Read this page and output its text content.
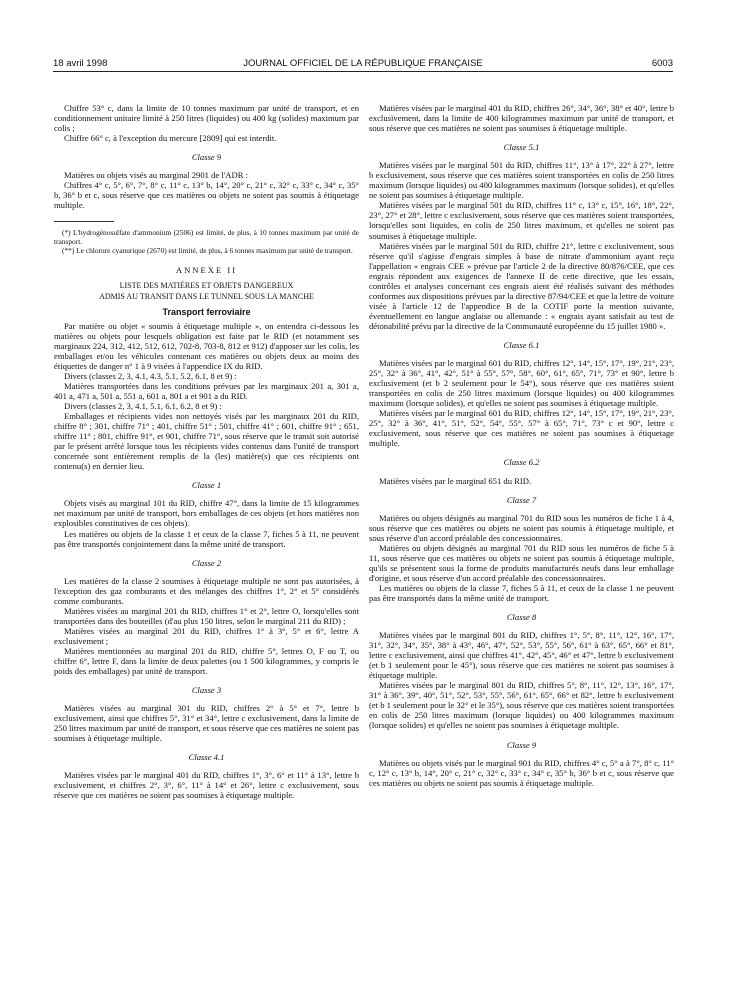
18 avril 1998	JOURNAL OFFICIEL DE LA RÉPUBLIQUE FRANÇAISE	6003

Chiffre 53° c, dans la limite de 10 tonnes maximum par unité de transport, et en conditionnement unitaire limité à 250 litres (liquides) ou 400 kg (solides) maximum par colis ;

Chiffre 66° c, à l'exception du mercure [2809] qui est interdit.

Classe 9

Matières ou objets visés au marginal 2901 de l'ADR :

Chiffres 4° c, 5°, 6°, 7°, 8° c, 11° c, 13° b, 14°, 20° c, 21° c, 32° c, 33° c, 34° c, 35° b, 36° b et c, sous réserve que ces matières ou objets ne soient pas soumis à étiquetage multiple.

(*) L'hydrogénosulfate d'ammonium (2506) est limité, de plus, à 10 tonnes maximum par unité de transport.

(**) Le chlorure cyanurique (2670) est limité, de plus, à 6 tonnes maximum par unité de transport.

ANNEXE II

LISTE DES MATIÈRES ET OBJETS DANGEREUX

ADMIS AU TRANSIT DANS LE TUNNEL SOUS LA MANCHE

Transport ferroviaire

Par matière ou objet « soumis à étiquetage multiple », on entendra ci-dessous les matières ou objets pour lesquels obligation est faite par le RID (et notamment ses marginaux 224, 312, 412, 512, 612, 702-8, 703-8, 812 et 912) d'apposer sur les colis, les emballages et/ou les véhicules contenant ces matières ou objets deux au moins des étiquettes de danger n° 1 à 9 visées à l'appendice IX du RID.

Divers (classes 2, 3, 4.1, 4.3, 5.1, 5.2, 6.1, 8 et 9) :

Matières transportées dans les conditions prévues par les marginaux 201 a, 301 a, 401 a, 471 a, 501 a, 551 a, 601 a, 801 a et 901 a du RID.

Divers (classes 2, 3, 4.1, 5.1, 6.1, 6.2, 8 et 9) :

Emballages et récipients vides non nettoyés visés par les marginaux 201 du RID, chiffre 8° ; 301, chiffre 71° ; 401, chiffre 51° ; 501, chiffre 41° ; 601, chiffre 91° ; 651, chiffre 11° ; 801, chiffre 91°, et 901, chiffre 71°, sous réserve que le transit soit autorisé par le présent arrêté lorsque tous les récipients vides contenus dans l'unité de transport concernée sont entièrement remplis de la (les) matière(s) que ces récipients ont contenu(s) en dernier lieu.

Classe 1

Objets visés au marginal 101 du RID, chiffre 47°, dans la limite de 15 kilogrammes net maximum par unité de transport, hors emballages de ces objets (et hors matières non explosibles constitutives de ces objets).

Les matières ou objets de la classe 1 et ceux de la classe 7, fiches 5 à 11, ne peuvent pas être transportés conjointement dans la même unité de transport.

Classe 2

Les matières de la classe 2 soumises à étiquetage multiple ne sont pas autorisées, à l'exception des gaz comburants et des mélanges des chiffres 1°, 2° et 5° considérés comme comburants.

Matières visées au marginal 201 du RID, chiffres 1° et 2°, lettre O, lorsqu'elles sont transportées dans des bouteilles (d'au plus 150 litres, selon le marginal 211 du RID) ;

Matières visées au marginal 201 du RID, chiffres 1° à 3°, 5° et 6°, lettre A exclusivement ;

Matières mentionnées au marginal 201 du RID, chiffre 5°, lettres O, F ou T, ou chiffre 6°, lettre F, dans la limite de deux palettes (ou 1 500 kilogrammes, y compris le poids des emballages) par unité de transport.

Classe 3

Matières visées au marginal 301 du RID, chiffres 2° à 5° et 7°, lettre b exclusivement, ainsi que chiffres 5°, 31° et 34°, lettre c exclusivement, dans la limite de 250 litres maximum par unité de transport, et sous réserve que ces matières ne soient pas soumises à étiquetage multiple.

Classe 4.1

Matières visées par le marginal 401 du RID, chiffres 1°, 3°, 6° et 11° à 13°, lettre b exclusivement, et chiffres 2°, 3°, 6°, 11° à 14° et 26°, lettre c exclusivement, sous réserve que ces matières ne soient pas soumises à étiquetage multiple.

Matières visées par le marginal 401 du RID, chiffres 26°, 34°, 36°, 38° et 40°, lettre b exclusivement, dans la limite de 400 kilogrammes maximum par unité de transport, et sous réserve que ces matières ne soient pas soumises à étiquetage multiple.

Classe 5.1

Matières visées par le marginal 501 du RID, chiffres 11°, 13° à 17°, 22° à 27°, lettre b exclusivement, sous réserve que ces matières soient transportées en colis de 250 litres maximum (lorsque liquides) ou 400 kilogrammes maximum (lorsque solides), et qu'elles ne soient pas soumises à étiquetage multiple.

Matières visées par le marginal 501 du RID, chiffres 11° c, 13° c, 15°, 16°, 18°, 22°, 23°, 27° et 28°, lettre c exclusivement, sous réserve que ces matières soient transportées, lorsqu'elles sont liquides, en colis de 250 litres maximum, et qu'elles ne soient pas soumises à étiquetage multiple.

Matières visées par le marginal 501 du RID, chiffre 21°, lettre c exclusivement, sous réserve qu'il s'agisse d'engrais simples à base de nitrate d'ammonium ayant reçu l'appellation « engrais CEE » prévue par l'article 2 de la directive 80/876/CEE, que ces engrais répondent aux exigences de l'annexe II de cette directive, que les essais, contrôles et analyses concernant ces engrais aient été réalisés suivant des méthodes conformes aux dispositions prévues par la directive 87/94/CEE et que la lettre de voiture visée à l'article 12 de l'appendice B de la COTIF porte la mention suivante, éventuellement en langue anglaise ou allemande : « engrais ayant satisfait au test de détonabilité prévu par la directive de la Communauté européenne du 15 juillet 1980 ».

Classe 6.1

Matières visées par le marginal 601 du RID, chiffres 12°, 14°, 15°, 17°, 19°, 21°, 23°, 25°, 32° à 36°, 41°, 42°, 51° à 55°, 57°, 58°, 60°, 61°, 65°, 71°, 73° et 90°, lettre b exclusivement (et b 2 seulement pour le 54°), sous réserve que ces matières soient transportées en colis de 250 litres maximum (lorsque liquides) ou 400 kilogrammes maximum (lorsque solides), et qu'elles ne soient pas soumises à étiquetage multiple.

Matières visées par le marginal 601 du RID, chiffres 12°, 14°, 15°, 17°, 19°, 21°, 23°, 25°, 32° à 36°, 41°, 51°, 52°, 54°, 55°, 57° à 65°, 71°, 73° c et 90°, lettre c exclusivement, sous réserve que ces matières ne soient pas soumises à étiquetage multiple.

Classe 6.2

Matières visées par le marginal 651 du RID.

Classe 7

Matières ou objets désignés au marginal 701 du RID sous les numéros de fiche 1 à 4, sous réserve que ces matières ou objets ne soient pas soumis à étiquetage multiple, et sous réserve d'un accord préalable des concessionnaires.

Matières ou objets désignés au marginal 701 du RID sous les numéros de fiche 5 à 11, sous réserve que ces matières ou objets ne soient pas soumis à étiquetage multiple, qu'ils se présentent sous la forme de produits manufacturés neufs dans leur emballage d'origine, et sous réserve d'un accord préalable des concessionnaires.

Les matières ou objets de la classe 7, fiches 5 à 11, et ceux de la classe 1 ne peuvent pas être transportés dans la même unité de transport.

Classe 8

Matières visées par le marginal 801 du RID, chiffres 1°, 5°, 8°, 11°, 12°, 16°, 17°, 31°, 32°, 34°, 35°, 38° à 43°, 46°, 47°, 52°, 53°, 55°, 56°, 61° à 63°, 65°, 66° et 81°, lettre c exclusivement, ainsi que chiffres 41°, 42°, 45°, 46° et 47°, lettre b exclusivement (et b 1 seulement pour le 45°), sous réserve que ces matières ne soient pas soumises à étiquetage multiple.

Matières visées par le marginal 801 du RID, chiffres 5°, 8°, 11°, 12°, 13°, 16°, 17°, 31° à 36°, 39°, 40°, 51°, 52°, 53°, 55°, 56°, 61°, 65°, 66° et 82°, lettre b exclusivement (et b 1 seulement pour le 32° et le 35°), sous réserve que ces matières soient transportées en colis de 250 litres maximum (lorsque liquides) ou 400 kilogrammes maximum (lorsque solides) et qu'elles ne soient pas soumises à étiquetage multiple.

Classe 9

Matières ou objets visés par le marginal 901 du RID, chiffres 4° c, 5° a à 7°, 8° c, 11° c, 12° c, 13° b, 14°, 20° c, 21° c, 32° c, 33° c, 34° c, 35° b, 36° b et c, sous réserve que ces matières ou objets ne soient pas soumis à étiquetage multiple.
